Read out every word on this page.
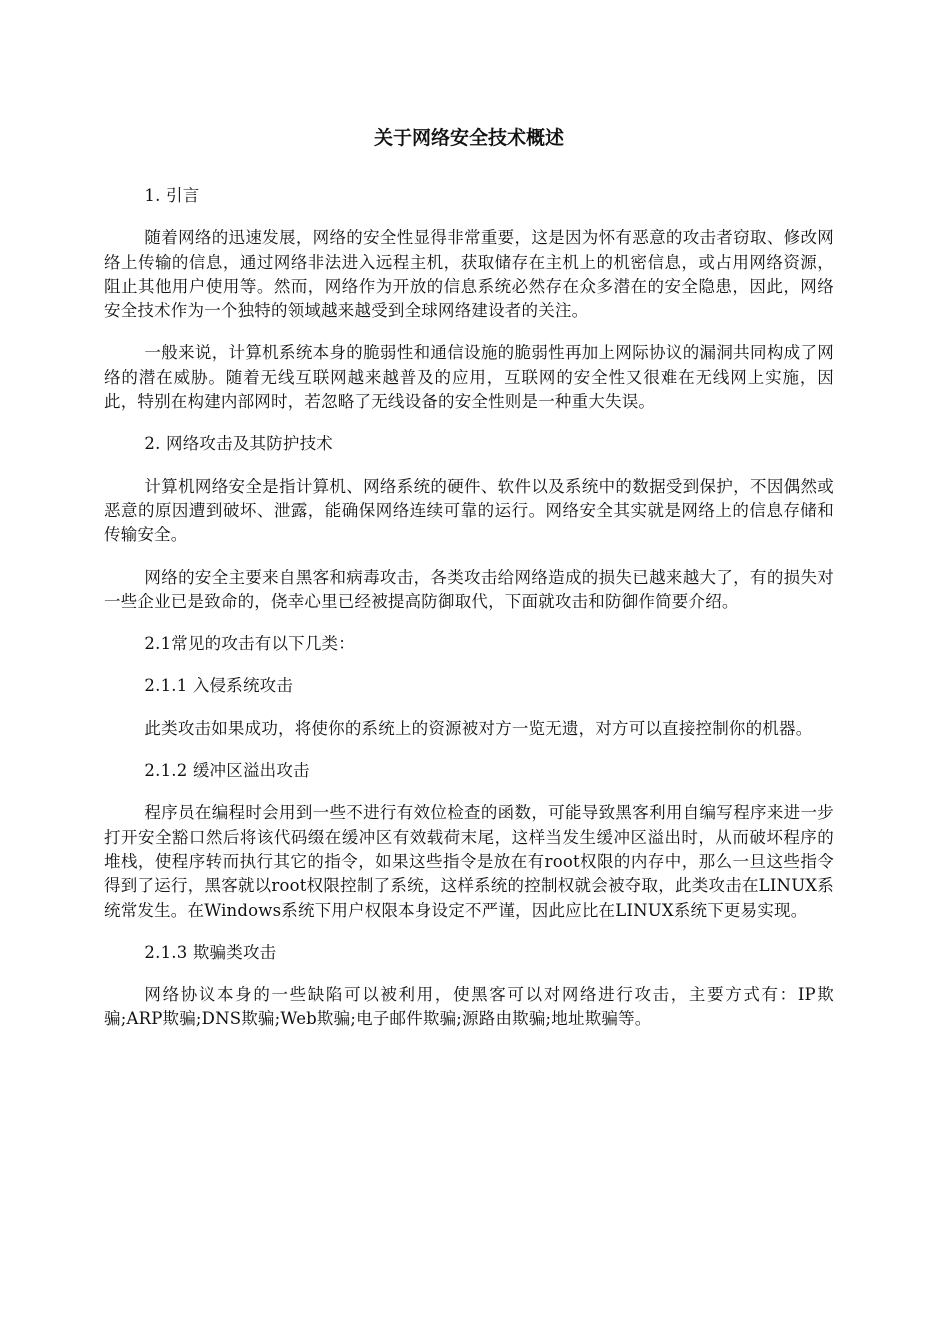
关于网络安全技术概述

1. 引言

随着网络的迅速发展，网络的安全性显得非常重要，这是因为怀有恶意的攻击者窃取、修改网络上传输的信息，通过网络非法进入远程主机，获取储存在主机上的机密信息，或占用网络资源，阻止其他用户使用等。然而，网络作为开放的信息系统必然存在众多潜在的安全隐患，因此，网络安全技术作为一个独特的领域越来越受到全球网络建设者的关注。

一般来说，计算机系统本身的脆弱性和通信设施的脆弱性再加上网际协议的漏洞共同构成了网络的潜在威胁。随着无线互联网越来越普及的应用，互联网的安全性又很难在无线网上实施，因此，特别在构建内部网时，若忽略了无线设备的安全性则是一种重大失误。

2. 网络攻击及其防护技术

计算机网络安全是指计算机、网络系统的硬件、软件以及系统中的数据受到保护，不因偶然或恶意的原因遭到破坏、泄露，能确保网络连续可靠的运行。网络安全其实就是网络上的信息存储和传输安全。

网络的安全主要来自黑客和病毒攻击，各类攻击给网络造成的损失已越来越大了，有的损失对一些企业已是致命的，侥幸心里已经被提高防御取代，下面就攻击和防御作简要介绍。

2.1常见的攻击有以下几类：

2.1.1 入侵系统攻击

此类攻击如果成功，将使你的系统上的资源被对方一览无遗，对方可以直接控制你的机器。

2.1.2 缓冲区溢出攻击

程序员在编程时会用到一些不进行有效位检查的函数，可能导致黑客利用自编写程序来进一步打开安全豁口然后将该代码缀在缓冲区有效载荷末尾，这样当发生缓冲区溢出时，从而破坏程序的堆栈，使程序转而执行其它的指令，如果这些指令是放在有root权限的内存中，那么一旦这些指令得到了运行，黑客就以root权限控制了系统，这样系统的控制权就会被夺取，此类攻击在LINUX系统常发生。在Windows系统下用户权限本身设定不严谨，因此应比在LINUX系统下更易实现。

2.1.3 欺骗类攻击

网络协议本身的一些缺陷可以被利用，使黑客可以对网络进行攻击，主要方式有：IP欺骗;ARP欺骗;DNS欺骗;Web欺骗;电子邮件欺骗;源路由欺骗;地址欺骗等。
